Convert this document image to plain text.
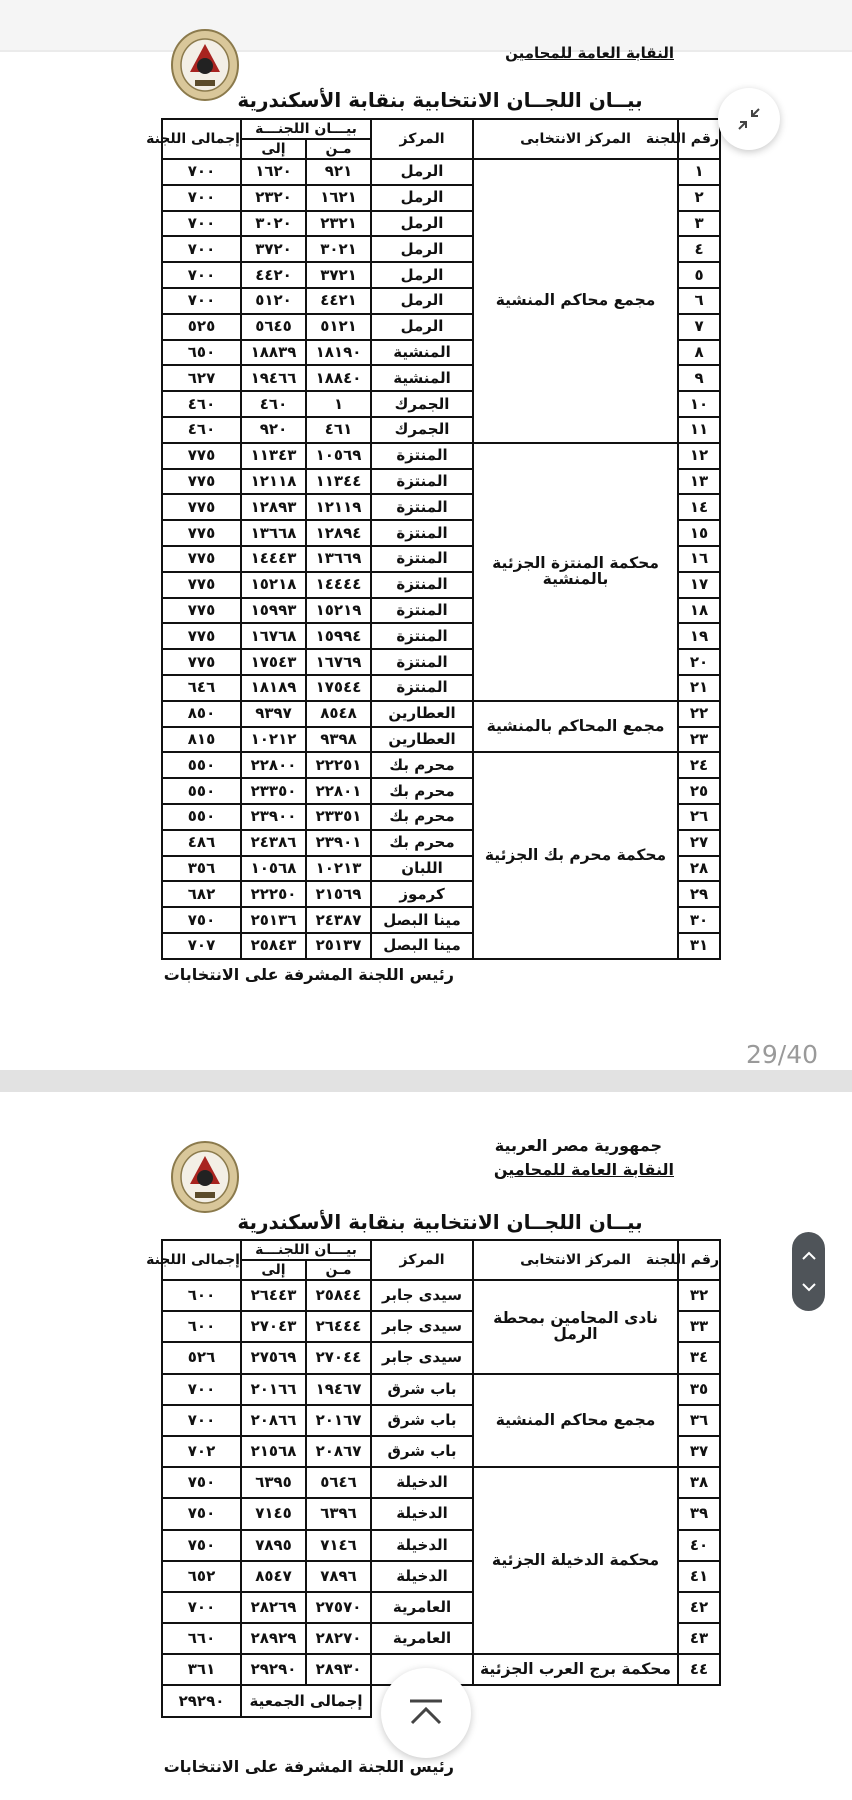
النقابة العامة للمحامين
بيــان اللجــان الانتخابية بنقابة الأسكندرية
رقم اللجنة	المركز الانتخابى	المركز	بيـــان اللجنـــة		إجمالى اللجنة
			مـن	إلى	
١	مجمع محاكم المنشية	الرمل	٩٢١	١٦٢٠	٧٠٠
٢		الرمل	١٦٢١	٢٣٢٠	٧٠٠
٣		الرمل	٢٣٢١	٣٠٢٠	٧٠٠
٤		الرمل	٣٠٢١	٣٧٢٠	٧٠٠
٥		الرمل	٣٧٢١	٤٤٢٠	٧٠٠
٦		الرمل	٤٤٢١	٥١٢٠	٧٠٠
٧		الرمل	٥١٢١	٥٦٤٥	٥٢٥
٨		المنشية	١٨١٩٠	١٨٨٣٩	٦٥٠
٩		المنشية	١٨٨٤٠	١٩٤٦٦	٦٢٧
١٠		الجمرك	١	٤٦٠	٤٦٠
١١		الجمرك	٤٦١	٩٢٠	٤٦٠
١٢	محكمة المنتزة الجزئية بالمنشية	المنتزة	١٠٥٦٩	١١٣٤٣	٧٧٥
١٣		المنتزة	١١٣٤٤	١٢١١٨	٧٧٥
١٤		المنتزة	١٢١١٩	١٢٨٩٣	٧٧٥
١٥		المنتزة	١٢٨٩٤	١٣٦٦٨	٧٧٥
١٦		المنتزة	١٣٦٦٩	١٤٤٤٣	٧٧٥
١٧		المنتزة	١٤٤٤٤	١٥٢١٨	٧٧٥
١٨		المنتزة	١٥٢١٩	١٥٩٩٣	٧٧٥
١٩		المنتزة	١٥٩٩٤	١٦٧٦٨	٧٧٥
٢٠		المنتزة	١٦٧٦٩	١٧٥٤٣	٧٧٥
٢١		المنتزة	١٧٥٤٤	١٨١٨٩	٦٤٦
٢٢	مجمع المحاكم بالمنشية	العطارين	٨٥٤٨	٩٣٩٧	٨٥٠
٢٣		العطارين	٩٣٩٨	١٠٢١٢	٨١٥
٢٤	محكمة محرم بك الجزئية	محرم بك	٢٢٢٥١	٢٢٨٠٠	٥٥٠
٢٥		محرم بك	٢٢٨٠١	٢٣٣٥٠	٥٥٠
٢٦		محرم بك	٢٣٣٥١	٢٣٩٠٠	٥٥٠
٢٧		محرم بك	٢٣٩٠١	٢٤٣٨٦	٤٨٦
٢٨		اللبان	١٠٢١٣	١٠٥٦٨	٣٥٦
٢٩		كرموز	٢١٥٦٩	٢٢٢٥٠	٦٨٢
٣٠		مينا البصل	٢٤٣٨٧	٢٥١٣٦	٧٥٠
٣١		مينا البصل	٢٥١٣٧	٢٥٨٤٣	٧٠٧
رئيس اللجنة المشرفة على الانتخابات
29/40
جمهورية مصر العربية
النقابة العامة للمحامين
بيــان اللجــان الانتخابية بنقابة الأسكندرية
رقم اللجنة	المركز الانتخابى	المركز	بيـــان اللجنـــة		إجمالى اللجنة
			مـن	إلى	
٣٢	نادى المحامين بمحطة الرمل	سيدى جابر	٢٥٨٤٤	٢٦٤٤٣	٦٠٠
٣٣		سيدى جابر	٢٦٤٤٤	٢٧٠٤٣	٦٠٠
٣٤		سيدى جابر	٢٧٠٤٤	٢٧٥٦٩	٥٢٦
٣٥	مجمع محاكم المنشية	باب شرق	١٩٤٦٧	٢٠١٦٦	٧٠٠
٣٦		باب شرق	٢٠١٦٧	٢٠٨٦٦	٧٠٠
٣٧		باب شرق	٢٠٨٦٧	٢١٥٦٨	٧٠٢
٣٨	محكمة الدخيلة الجزئية	الدخيلة	٥٦٤٦	٦٣٩٥	٧٥٠
٣٩		الدخيلة	٦٣٩٦	٧١٤٥	٧٥٠
٤٠		الدخيلة	٧١٤٦	٧٨٩٥	٧٥٠
٤١		الدخيلة	٧٨٩٦	٨٥٤٧	٦٥٢
٤٢		العامرية	٢٧٥٧٠	٢٨٢٦٩	٧٠٠
٤٣		العامرية	٢٨٢٧٠	٢٨٩٢٩	٦٦٠
٤٤	محكمة برج العرب الجزئية		٢٨٩٣٠	٢٩٢٩٠	٣٦١
			إجمالى الجمعية		٢٩٢٩٠
رئيس اللجنة المشرفة على الانتخابات
